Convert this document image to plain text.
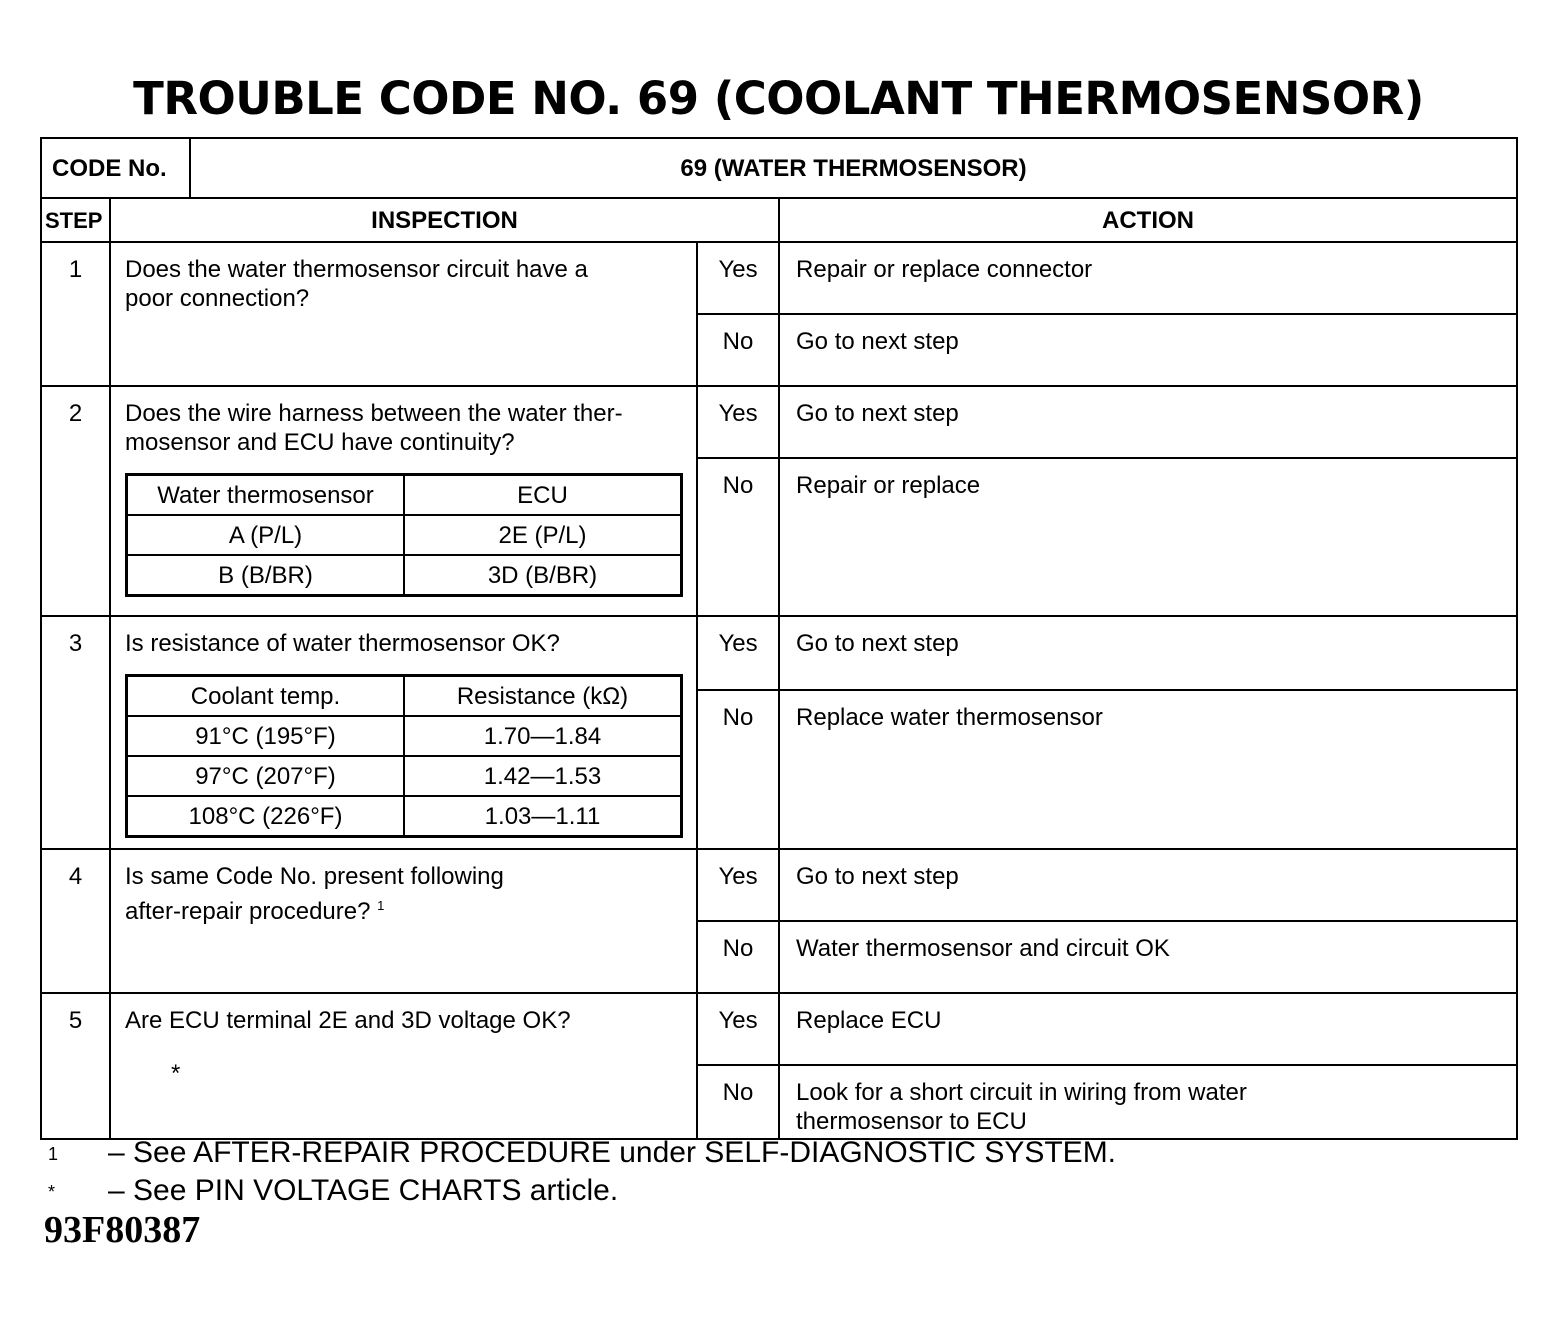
TROUBLE CODE NO. 69 (COOLANT THERMOSENSOR)
CODE No.	69 (WATER THERMOSENSOR)
STEP	INSPECTION	ACTION
1	Does the water thermosensor circuit have a poor connection?
	Yes	Repair or replace connector
No	Go to next step
2	Does the wire harness between the water ther-mosensor and ECU have continuity?
Water thermosensor	ECU
A (P/L)	2E (P/L)
B (B/BR)	3D (B/BR)
	Yes	Go to next step
No	Repair or replace
3	Is resistance of water thermosensor OK?
Coolant temp.	Resistance (kΩ)
91°C (195°F)	1.70—1.84
97°C (207°F)	1.42—1.53
108°C (226°F)	1.03—1.11
	Yes	Go to next step
No	Replace water thermosensor
4	Is same Code No. present following after-repair procedure? $^1$
	Yes	Go to next step
No	Water thermosensor and circuit OK
5	Are ECU terminal 2E and 3D voltage OK?
*
	Yes	Replace ECU
No	Look for a short circuit in wiring from water thermosensor to ECU
1 – See AFTER-REPAIR PROCEDURE under SELF-DIAGNOSTIC SYSTEM.
* – See PIN VOLTAGE CHARTS article.
93F80387
